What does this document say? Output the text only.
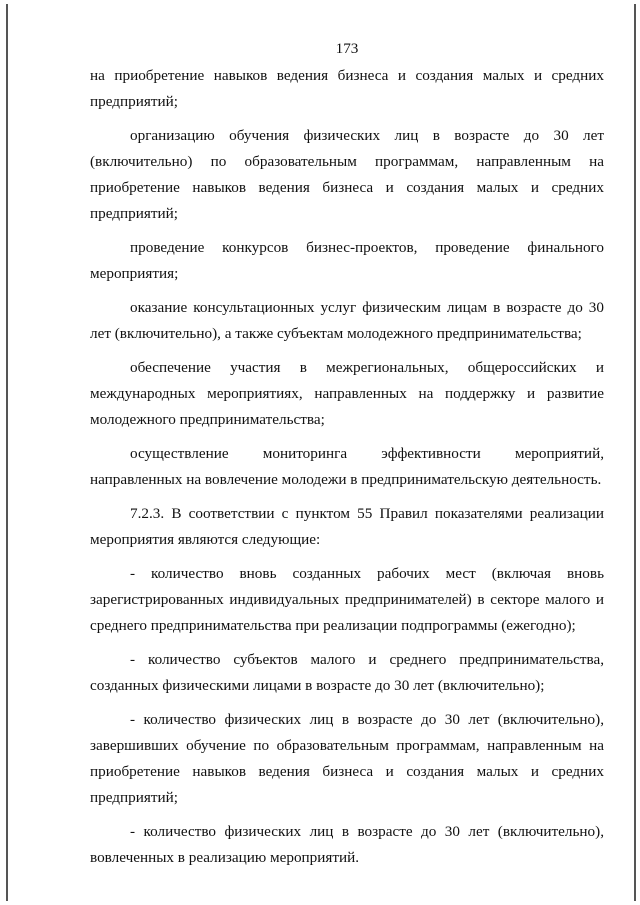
173

на приобретение навыков ведения бизнеса и создания малых и средних предприятий;

организацию обучения физических лиц в возрасте до 30 лет (включительно) по образовательным программам, направленным на приобретение навыков ведения бизнеса и создания малых и средних предприятий;

проведение конкурсов бизнес-проектов, проведение финального мероприятия;

оказание консультационных услуг физическим лицам в возрасте до 30 лет (включительно), а также субъектам молодежного предпринимательства;

обеспечение участия в межрегиональных, общероссийских и международных мероприятиях, направленных на поддержку и развитие молодежного предпринимательства;

осуществление мониторинга эффективности мероприятий, направленных на вовлечение молодежи в предпринимательскую деятельность.

7.2.3. В соответствии с пунктом 55 Правил показателями реализации мероприятия являются следующие:

- количество вновь созданных рабочих мест (включая вновь зарегистрированных индивидуальных предпринимателей) в секторе малого и среднего предпринимательства при реализации подпрограммы (ежегодно);

- количество субъектов малого и среднего предпринимательства, созданных физическими лицами в возрасте до 30 лет (включительно);

- количество физических лиц в возрасте до 30 лет (включительно), завершивших обучение по образовательным программам, направленным на приобретение навыков ведения бизнеса и создания малых и средних предприятий;

- количество физических лиц в возрасте до 30 лет (включительно), вовлеченных в реализацию мероприятий.
